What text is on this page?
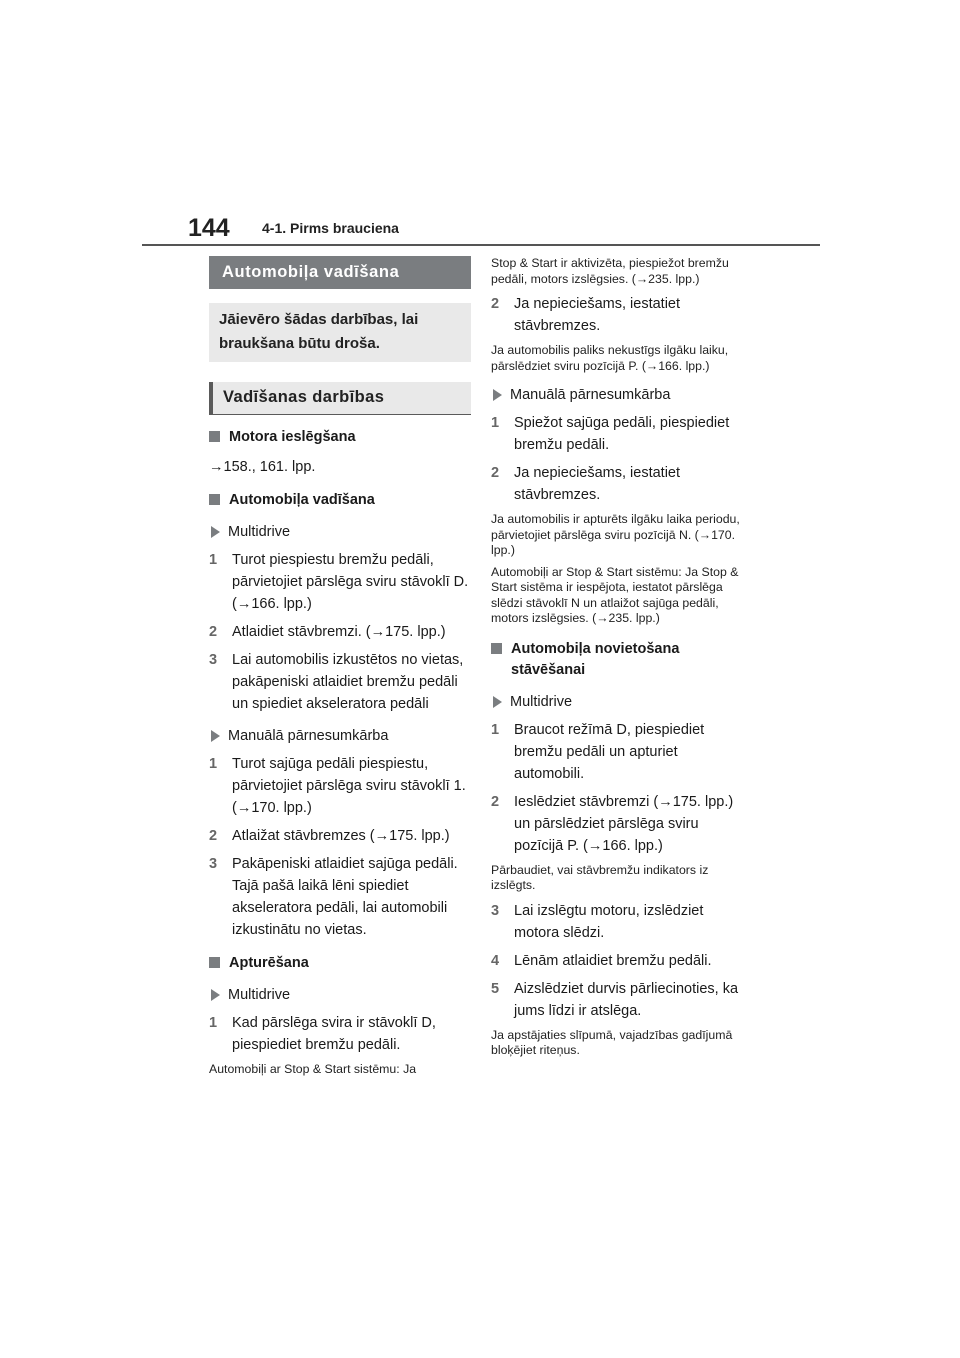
144 4-1. Pirms brauciena
Automobiļa vadīšana
Jāievēro šādas darbības, lai braukšana būtu droša.
Vadīšanas darbības
Motora ieslēgšana
→158., 161. lpp.
Automobiļa vadīšana
Multidrive
1 Turot piespiestu bremžu pedāli, pārvietojiet pārslēga sviru stāvoklī D. (→166. lpp.)
2 Atlaidiet stāvbremzi. (→175. lpp.)
3 Lai automobilis izkustētos no vietas, pakāpeniski atlaidiet bremžu pedāli un spiediet akseleratora pedāli
Manuālā pārnesumkārba
1 Turot sajūga pedāli piespiestu, pārvietojiet pārslēga sviru stāvoklī 1. (→170. lpp.)
2 Atlaižat stāvbremzes (→175. lpp.)
3 Pakāpeniski atlaidiet sajūga pedāli. Tajā pašā laikā lēni spiediet akseleratora pedāli, lai automobili izkustinātu no vietas.
Apturēšana
Multidrive
1 Kad pārslēga svira ir stāvoklī D, piespiediet bremžu pedāli.
Automobiļi ar Stop & Start sistēmu: Ja
Stop & Start ir aktivizēta, piespiežot bremžu pedāli, motors izslēgsies. (→235. lpp.)
2 Ja nepieciešams, iestatiet stāvbremzes.
Ja automobilis paliks nekustīgs ilgāku laiku, pārslēdziet sviru pozīcijā P. (→166. lpp.)
Manuālā pārnesumkārba
1 Spiežot sajūga pedāli, piespiediet bremžu pedāli.
2 Ja nepieciešams, iestatiet stāvbremzes.
Ja automobilis ir apturēts ilgāku laika periodu, pārvietojiet pārslēga sviru pozīcijā N. (→170. lpp.)
Automobiļi ar Stop & Start sistēmu: Ja Stop & Start sistēma ir iespējota, iestatot pārslēga slēdzi stāvoklī N un atlaižot sajūga pedāli, motors izslēgsies. (→235. lpp.)
Automobiļa novietošana stāvēšanai
Multidrive
1 Braucot režīmā D, piespiediet bremžu pedāli un apturiet automobili.
2 Ieslēdziet stāvbremzi (→175. lpp.) un pārslēdziet pārslēga sviru pozīcijā P. (→166. lpp.)
Pārbaudiet, vai stāvbremžu indikators iz izslēgts.
3 Lai izslēgtu motoru, izslēdziet motora slēdzi.
4 Lēnām atlaidiet bremžu pedāli.
5 Aizslēdziet durvis pārliecinoties, ka jums līdzi ir atslēga.
Ja apstājaties slīpumā, vajadzības gadījumā bloķējiet riteņus.
